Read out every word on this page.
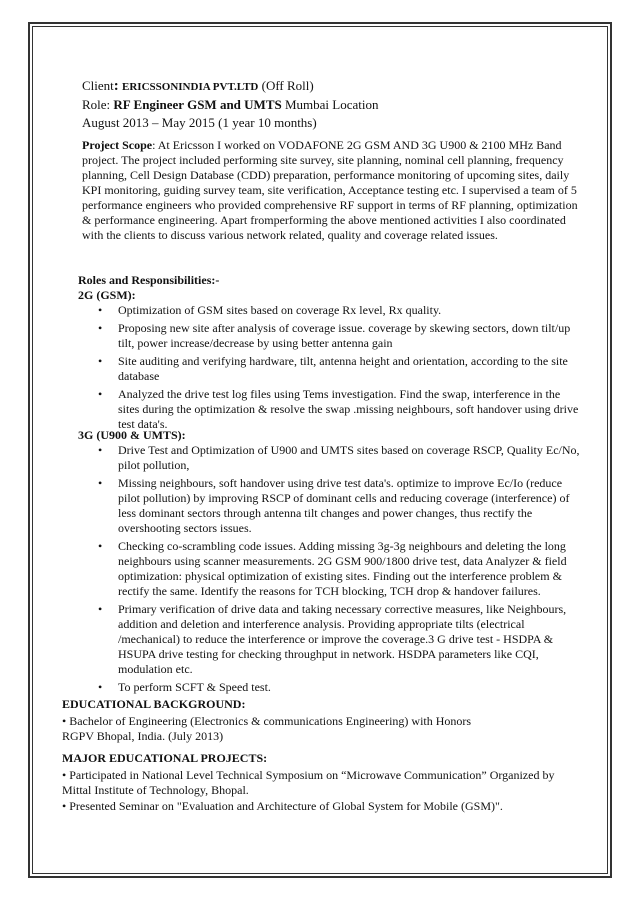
Client: ERICSSONINDIA PVT.LTD (Off Roll)
Role: RF Engineer GSM and UMTS Mumbai Location
August 2013 – May 2015 (1 year 10 months)
Project Scope: At Ericsson I worked on VODAFONE 2G GSM AND 3G U900 & 2100 MHz Band project. The project included performing site survey, site planning, nominal cell planning, frequency planning, Cell Design Database (CDD) preparation, performance monitoring of upcoming sites, daily KPI monitoring, guiding survey team, site verification, Acceptance testing etc. I supervised a team of 5 performance engineers who provided comprehensive RF support in terms of RF planning, optimization & performance engineering. Apart fromperforming the above mentioned activities I also coordinated with the clients to discuss various network related, quality and coverage related issues.
Roles and Responsibilities:-
2G (GSM):
• Optimization of GSM sites based on coverage Rx level, Rx quality.
• Proposing new site after analysis of coverage issue. coverage by skewing sectors, down tilt/up tilt, power increase/decrease by using better antenna gain
• Site auditing and verifying hardware, tilt, antenna height and orientation, according to the site database
• Analyzed the drive test log files using Tems investigation. Find the swap, interference in the sites during the optimization & resolve the swap .missing neighbours, soft handover using drive test data's.
3G (U900 & UMTS):
• Drive Test and Optimization of U900 and UMTS sites based on coverage RSCP, Quality Ec/No, pilot pollution,
• Missing neighbours, soft handover using drive test data's. optimize to improve Ec/Io (reduce pilot pollution) by improving RSCP of dominant cells and reducing coverage (interference) of less dominant sectors through antenna tilt changes and power changes, thus rectify the overshooting sectors issues.
• Checking co-scrambling code issues. Adding missing 3g-3g neighbours and deleting the long neighbours using scanner measurements. 2G GSM 900/1800 drive test, data Analyzer & field optimization: physical optimization of existing sites. Finding out the interference problem & rectify the same. Identify the reasons for TCH blocking, TCH drop & handover failures.
• Primary verification of drive data and taking necessary corrective measures, like Neighbours, addition and deletion and interference analysis. Providing appropriate tilts (electrical /mechanical) to reduce the interference or improve the coverage.3 G drive test - HSDPA & HSUPA drive testing for checking throughput in network. HSDPA parameters like CQI, modulation etc.
• To perform SCFT & Speed test.
EDUCATIONAL BACKGROUND:
• Bachelor of Engineering (Electronics & communications Engineering) with Honors
RGPV Bhopal, India. (July 2013)
MAJOR EDUCATIONAL PROJECTS:
• Participated in National Level Technical Symposium on “Microwave Communication” Organized by Mittal Institute of Technology, Bhopal.
• Presented Seminar on "Evaluation and Architecture of Global System for Mobile (GSM)".
